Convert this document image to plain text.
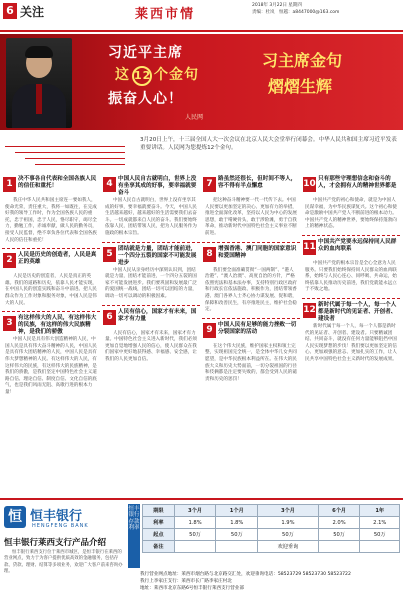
6 关注	莱西市情
2018年 3月22日 星期四
责编：杜岚　恒越：a8447000@163.com
习近平主席
这 12 个金句
振奋人心！
人民网
习主席金句
熠熠生辉
3月20日上午，十三届全国人大一次会议在北京人民大会堂举行闭幕会。中华人民共和国主席习近平发表重要讲话。人民网为您提炼12个金句。
1 决不事各自代表和全国各族人民的信任和重托！
我庄中华人民共和国主席连一要如我人，使命光荣，责任重大，我将一如既往，在完成好我的领导工作时，作为全国各族人民的重托，忠于祖国，忠于人民，恪尽职守，竭尽全力，勤勉工作，赤诚奉献，做人民的勤务员，接受人民监督，绝不辜负各位代表和全国各族人民的信任和重托！
2 人民是历史的创造者，人民是真正的英雄
人民是历史的创造者，人民是真正的英雄。我们的道路和历史，依靠人民才能实现，在中国人民的创造实践和奋斗中前进。把人民群众作为工作对象和服务对象，中国人民是伟大的人民。
3 有这样伟大的人民，有这样伟大的民族，有这样的伟大民族精神，是我们的骄傲
中国人民是具有伟大创造精神的人民，中国人民是具有伟大奋斗精神的人民，中国人民是具有伟大团结精神的人民，中国人民是具有伟大梦想精神的人民。有这样伟大的人民，有这样伟大的民族，有这样伟大的民族精神，是我们的骄傲，是我们坚定中国特色社会主义道路自信、理论自信、制度自信、文化自信的底气，也是我们风雨无阻、高歌行进的根本力量！
4 中国人民自古就明白，世界上没有坐享其成的好事，要幸福就要奋斗
中国人民自古就明白，世界上没有坐享其成的好事，要幸福就要奋斗。今天，中国人民生活越来越好，越来越好的生活需要我们去奋斗。一切成就都来自人民的奋斗。我们要始终依靠人民，团结带领人民，把为人民服务作为施政的根本宗旨。
5 团结就是力量，团结才能前进，一个四分五裂的国家不可能发展进步
中国人民从亲身经历中深刻认识到，团结就是力量，团结才能前进，一个四分五裂的国家不可能发展进步。我们要巩固和发展最广泛的爱国统一战线，团结一切可以团结的力量，调动一切可以调动的积极因素。
6 人民有信心，国家才有未来，国家才有力量
人民有信心，国家才有未来，国家才有力量。中国特色社会主义进入新时代，我们必须更加自觉地增强人民的信心，使人民群众在我们国家中更好地获得感、幸福感、安全感，让我们的人民更加自信。
7 路虽然还很长，但时间不等人，容不得有半点懈怠
把这种奋斗精神要一代一代传下去。中国人民要以更加坚定的决心、更加有力的举措，推进全面深化改革，坚持以人民为中心的发展思想，敢于啃硬骨头，敢于涉险滩，勇于自我革命，推动新时代中国特色社会主义事业不断前进。
8 增强香港、澳门同胞的国家意识和爱国精神
我们要全面准确贯彻“一国两制”、“港人治港”、“澳人治澳”、高度自治的方针，严格依照宪法和基本法办事，支持特别行政区政府和行政长官依法施政、积极作为，团结带领香港、澳门各界人士齐心协力谋发展、促和谐，保障和改善民生，有序推进民主，维护社会稳定。
9 中国人民有足够的能力挫败一切分裂国家的活动
在这个伟大民族，维护国家主权和领土完整，实现祖国完全统一，是全体中华儿女共同愿望，是中华民族根本利益所在。在伟大的民族大义和历史大势面前，一切分裂祖国的行径和伎俩都是注定要失败的，都会受到人民的谴责和历史的惩罚！
10 只有那些守理想信念和奋斗的人，才会拥有人的精神世界都是
中国共产党的初心和使命，就是为中国人民谋幸福，为中华民族谋复兴。这个初心和使命是激励中国共产党人不断前进的根本动力。中国共产党人的精神世界，要始终保持蓬勃向上的精神状态。
11 中国共产党要永远保持同人民群众的血肉联系
中国共产党的根本宗旨是全心全意为人民服务。只要我们始终保持同人民群众的血肉联系，始终与人民心连心、同呼吸、共命运，始终依靠人民推动历史前进，我们党就能永远立于不败之地。
12 新时代属于每一个人，每一个人都是新时代的见证者、开创者、建设者
新时代属于每一个人，每一个人都是新时代的见证者、开创者、建设者。只要精诚团结、共同奋斗，就没有任何力量能够阻挡中国人民实现梦想的步伐！我们要以更加坚定的信心、更加顽强的意志、更加扎实的工作，让人民共享中国特色社会主义新时代的发展成果。
恒 恒丰银行
HENGFENG BANK
恒丰银行莱西支行产品介绍
恒丰银行莱西支行位于莱西市城区，是恒丰银行在莱西的营业网点，致力于为客户提供优质高效的金融服务，包括存款、贷款、理财、结算等多项业务，欢迎广大客户前来咨询办理。
恒丰银行存款利率
期限	3个月	1个月	3个月	6个月	1年
利率	1.8%	1.8%	1.9%	2.0%	2.1%
起点	50万	50万	50万	50万	50万
备注			欢迎垂询		
我行营业网点地址：莱西市烟台路与北京路交汇处，欢迎垂询电话：58523729 58523730 58523722
我行上李家庄支行：莱西市长广路李家庄村北
地址：莱西市北京东路6号恒丰银行莱西支行营业部
